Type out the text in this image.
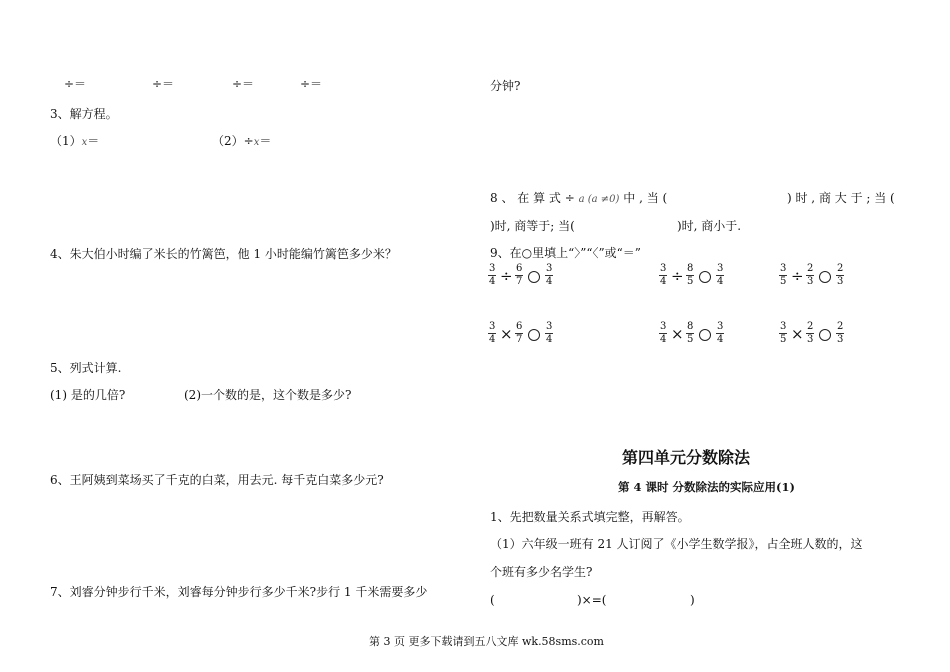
÷＝	÷＝	÷＝	÷＝
3、解方程。
（1）x＝	（2）÷x＝
4、朱大伯小时编了米长的竹篱笆，他 1 小时能编竹篱笆多少米？
5、列式计算.
(1) 是的几倍?	(2)一个数的是，这个数是多少?
6、王阿姨到菜场买了千克的白菜，用去元. 每千克白菜多少元?
7、刘睿分钟步行千米，刘睿每分钟步行多少千米?步行 1 千米需要多少
分钟?
8 、 在 算 式 ÷ a (a ≠0) 中 , 当 (	) 时 , 商 大 于 ; 当 (
)时, 商等于; 当(	)时, 商小于.
9、在○里填上“〉”“〈”或“＝”
$\frac{3}{4} \div \frac{6}{7} \frac{3}{4}$	$\frac{3}{4} \div \frac{8}{5} \frac{3}{4}$	$\frac{3}{5} \div \frac{2}{3} \frac{2}{3}$
$\frac{3}{4} \times \frac{6}{7} \frac{3}{4}$	$\frac{3}{4} \times \frac{8}{5} \frac{3}{4}$	$\frac{3}{5} \times \frac{2}{3} \frac{2}{3}$
第四单元分数除法
第 4 课时 分数除法的实际应用(1)
1、先把数量关系式填完整，再解答。
（1）六年级一班有 21 人订阅了《小学生数学报》，占全班人数的，这
个班有多少名学生?
(	)×=(	)
第 3 页 更多下载请到五八文库 wk.58sms.com
